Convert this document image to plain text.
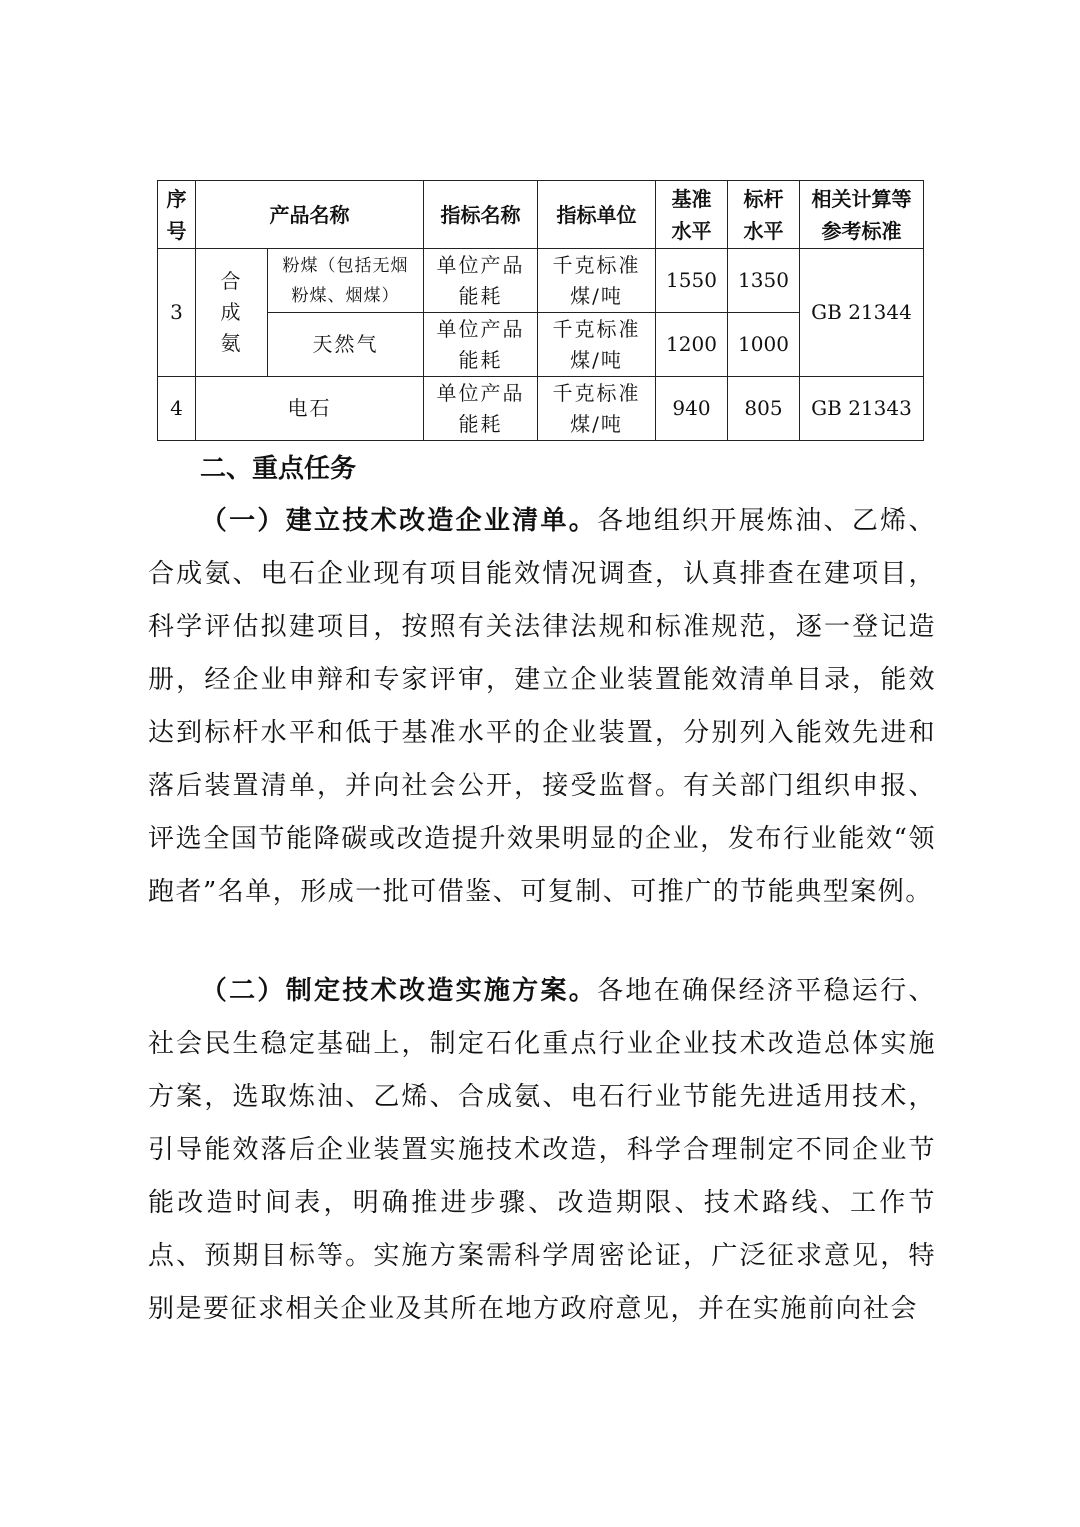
序号	产品名称		指标名称	指标单位	基准水平	标杆水平	相关计算等参考标准
3	合成氨	粉煤（包括无烟粉煤、烟煤）	单位产品能耗	千克标准煤/吨	1550	1350	GB 21344
		天然气	单位产品能耗	千克标准煤/吨	1200	1000	
4	电石		单位产品能耗	千克标准煤/吨	940	805	GB 21343
二、重点任务

（一）建立技术改造企业清单。各地组织开展炼油、乙烯、合成氨、电石企业现有项目能效情况调查，认真排查在建项目，科学评估拟建项目，按照有关法律法规和标准规范，逐一登记造册，经企业申辩和专家评审，建立企业装置能效清单目录，能效达到标杆水平和低于基准水平的企业装置，分别列入能效先进和落后装置清单，并向社会公开，接受监督。有关部门组织申报、评选全国节能降碳或改造提升效果明显的企业，发布行业能效“领跑者”名单，形成一批可借鉴、可复制、可推广的节能典型案例。

（二）制定技术改造实施方案。各地在确保经济平稳运行、社会民生稳定基础上，制定石化重点行业企业技术改造总体实施方案，选取炼油、乙烯、合成氨、电石行业节能先进适用技术，引导能效落后企业装置实施技术改造，科学合理制定不同企业节能改造时间表，明确推进步骤、改造期限、技术路线、工作节点、预期目标等。实施方案需科学周密论证，广泛征求意见，特别是要征求相关企业及其所在地方政府意见，并在实施前向社会
